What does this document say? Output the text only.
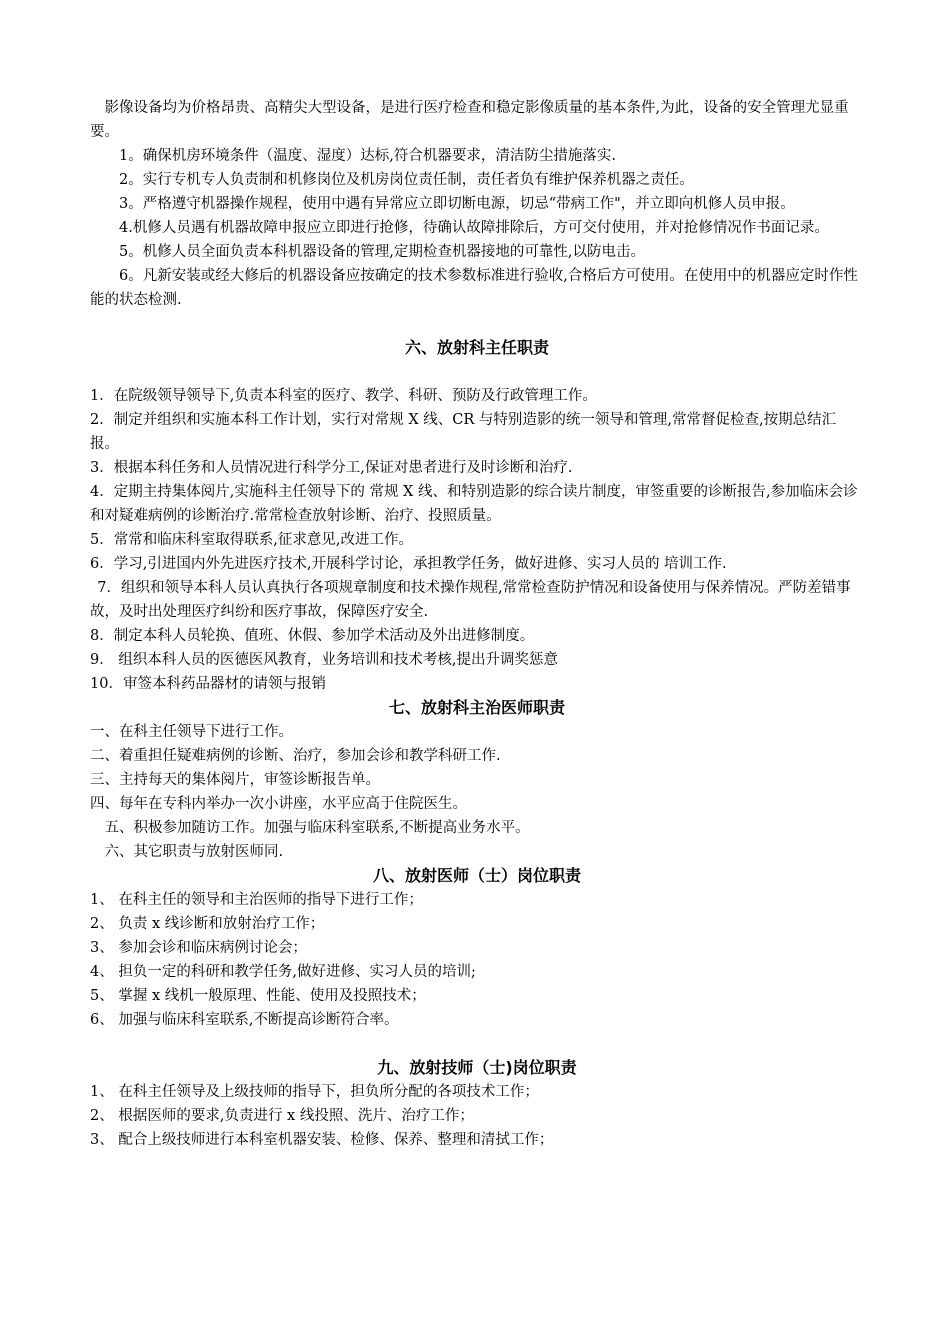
影像设备均为价格昂贵、高精尖大型设备，是进行医疗检查和稳定影像质量的基本条件,为此，设备的安全管理尤显重要。

1。确保机房环境条件（温度、湿度）达标,符合机器要求，清洁防尘措施落实.

2。实行专机专人负责制和机修岗位及机房岗位责任制，责任者负有维护保养机器之责任。

3。严格遵守机器操作规程，使用中遇有异常应立即切断电源，切忌“带病工作"，并立即向机修人员申报。

4.机修人员遇有机器故障申报应立即进行抢修，待确认故障排除后，方可交付使用，并对抢修情况作书面记录。

5。机修人员全面负责本科机器设备的管理,定期检查机器接地的可靠性,以防电击。

6。凡新安装或经大修后的机器设备应按确定的技术参数标准进行验收,合格后方可使用。在使用中的机器应定时作性能的状态检测.

六、放射科主任职责

1．在院级领导领导下,负责本科室的医疗、教学、科研、预防及行政管理工作。

2．制定并组织和实施本科工作计划，实行对常规 X 线、CR 与特别造影的统一领导和管理,常常督促检查,按期总结汇报。

3．根据本科任务和人员情况进行科学分工,保证对患者进行及时诊断和治疗.

4．定期主持集体阅片,实施科主任领导下的 常规 X 线、和特别造影的综合读片制度，审签重要的诊断报告,参加临床会诊和对疑难病例的诊断治疗.常常检查放射诊断、治疗、投照质量。

5．常常和临床科室取得联系,征求意见,改进工作。

6．学习,引进国内外先进医疗技术,开展科学讨论，承担教学任务，做好进修、实习人员的 培训工作.

7．组织和领导本科人员认真执行各项规章制度和技术操作规程,常常检查防护情况和设备使用与保养情况。严防差错事故，及时出处理医疗纠纷和医疗事故，保障医疗安全.

8．制定本科人员轮换、值班、休假、参加学术活动及外出进修制度。

9． 组织本科人员的医德医风教育，业务培训和技术考核,提出升调奖惩意

10．审签本科药品器材的请领与报销

七、放射科主治医师职责

一、在科主任领导下进行工作。

二、着重担任疑难病例的诊断、治疗，参加会诊和教学科研工作.

三、主持每天的集体阅片，审签诊断报告单。

四、每年在专科内举办一次小讲座，水平应高于住院医生。

五、积极参加随访工作。加强与临床科室联系,不断提高业务水平。

六、其它职责与放射医师同.

八、放射医师（士）岗位职责

1、 在科主任的领导和主治医师的指导下进行工作；

2、 负责 x 线诊断和放射治疗工作；

3、 参加会诊和临床病例讨论会；

4、 担负一定的科研和教学任务,做好进修、实习人员的培训;

5、 掌握 x 线机一般原理、性能、使用及投照技术；

6、 加强与临床科室联系,不断提高诊断符合率。

九、放射技师（士)岗位职责

1、 在科主任领导及上级技师的指导下，担负所分配的各项技术工作；

2、 根据医师的要求,负责进行 x 线投照、洗片、治疗工作；

3、 配合上级技师进行本科室机器安装、检修、保养、整理和清拭工作；
